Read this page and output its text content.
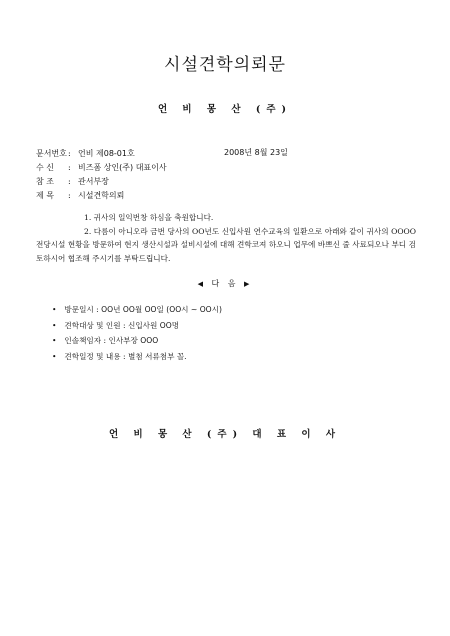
시설견학의뢰문
언 비 몽 산 (주)
문서번호 : 언비 제08-01호
수 신	: 비즈폼 상인(주) 대표이사
참 조	: 관서부장
제 목	: 시설견학의뢰
2008년 8월 23일
1. 귀사의 일익번창 하심을 축원합니다.
2. 다름이 아니오라 금번 당사의 OO년도 신입사원 연수교육의 일환으로 아래와 같이 귀사의 OOOO전당시설 현황을 방문하여 현지 생산시설과 설비시설에 대해 견학코져 하오니 업무에 바쁘신 줄 사료되오나 부디 검토하시어 협조해 주시기를 부탁드립니다.
◀ 다 음 ▶
• 방문일시 : OO년 OO월 OO일 (OO시 ~ OO시)
• 견학대상 및 인원 : 신입사원 OO명
• 인솔책임자 : 인사부장 OOO
• 견학일정 및 내용 : 별첨 서류첨부 꼴.
언 비 몽 산 (주) 대 표 이 사
